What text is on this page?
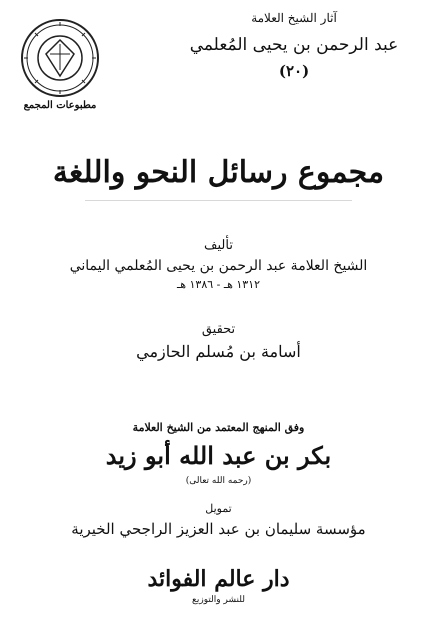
آثار الشيخ العلامة
عبد الرحمن بن يحيى المُعلمي
(٢٠)
مطبوعات المجمع
مجموع رسائل النحو واللغة
تأليف
الشيخ العلامة عبد الرحمن بن يحيى المُعلمي اليماني
١٣١٢ هـ - ١٣٨٦ هـ
تحقيق
أسامة بن مُسلم الحازمي
وفق المنهج المعتمد من الشيخ العلامة
بكر بن عبد الله أبو زيد
(رحمه الله تعالى)
تمويل
مؤسسة سليمان بن عبد العزيز الراجحي الخيرية
دار عالم الفوائد
للنشر والتوزيع
